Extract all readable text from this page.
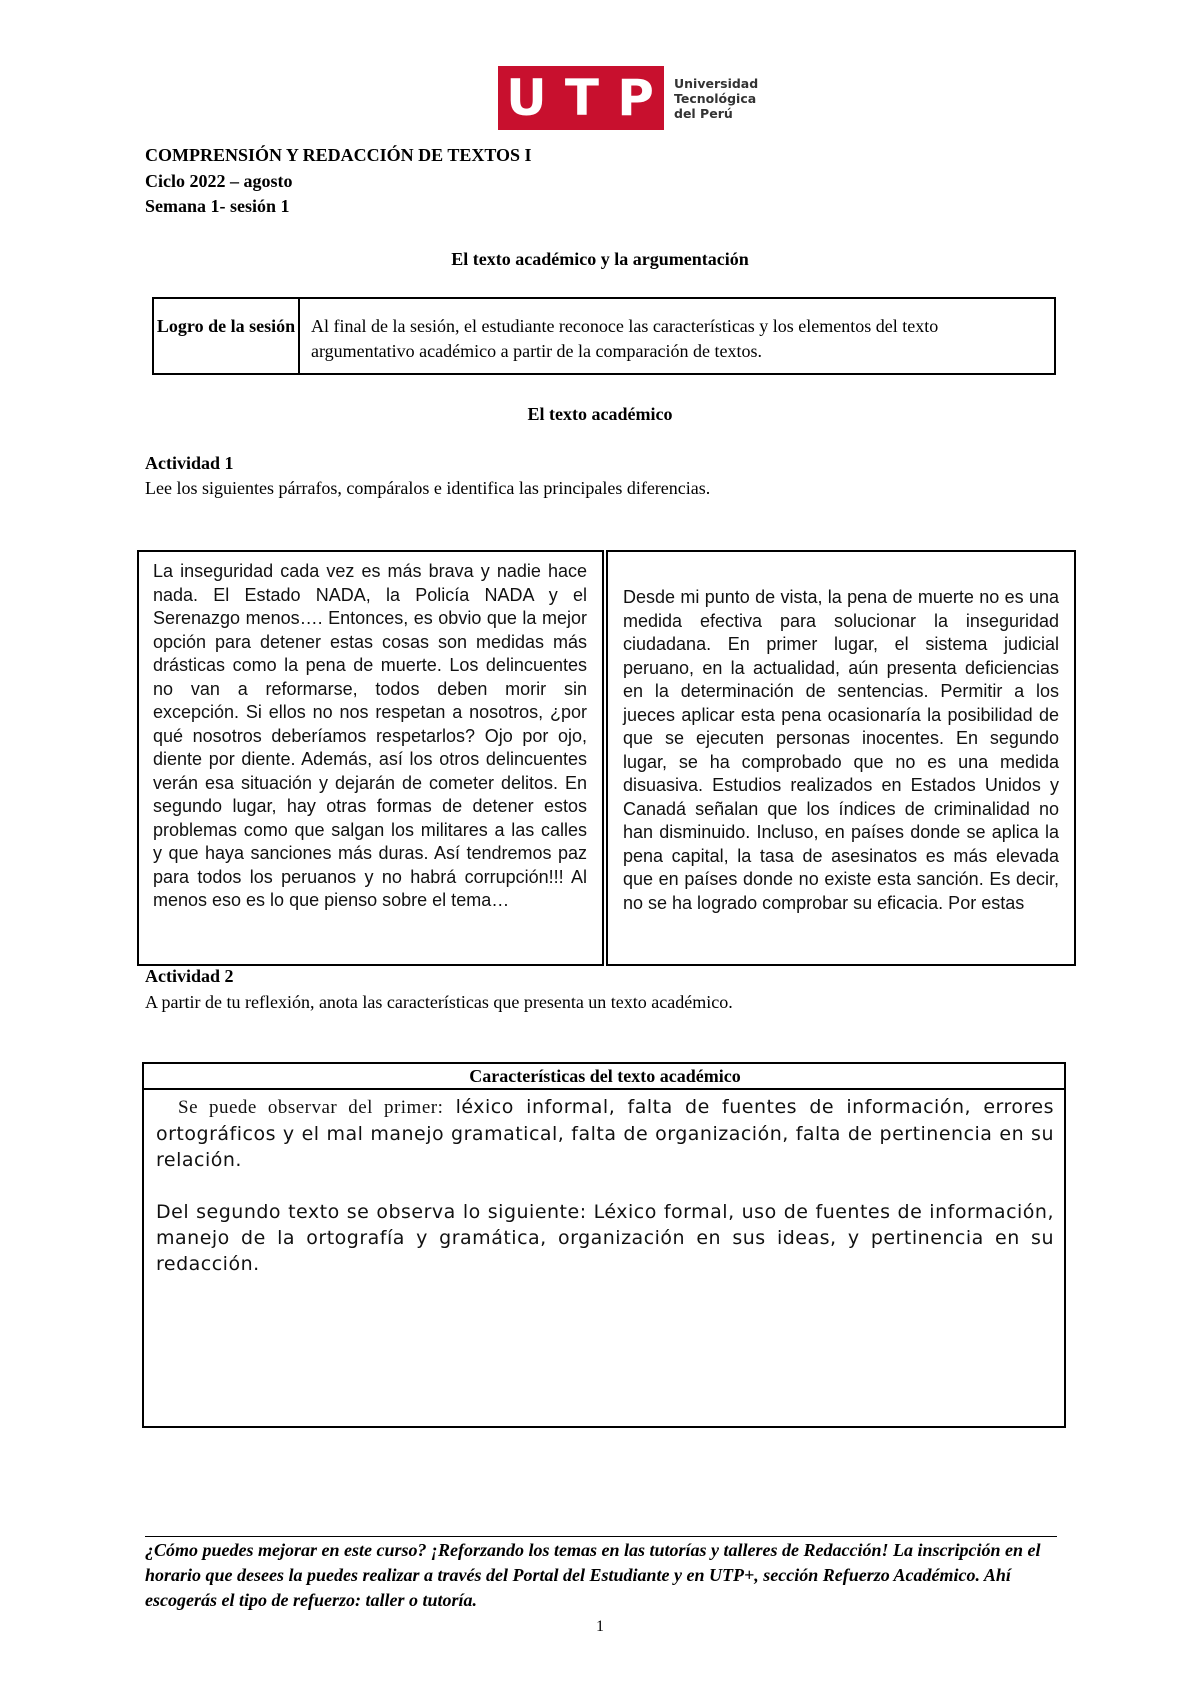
U T P Universidad
Tecnológica
del Perú
COMPRENSIÓN Y REDACCIÓN DE TEXTOS I
Ciclo 2022 – agosto
Semana 1- sesión 1
El texto académico y la argumentación
Logro de la sesión Al final de la sesión, el estudiante reconoce las características y los elementos del texto argumentativo académico a partir de la comparación de textos.
El texto académico
Actividad 1
Lee los siguientes párrafos, compáralos e identifica las principales diferencias.
La inseguridad cada vez es más brava y nadie hace nada. El Estado NADA, la Policía NADA y el Serenazgo menos…. Entonces, es obvio que la mejor opción para detener estas cosas son medidas más drásticas como la pena de muerte. Los delincuentes no van a reformarse, todos deben morir sin excepción. Si ellos no nos respetan a nosotros, ¿por qué nosotros deberíamos respetarlos? Ojo por ojo, diente por diente. Además, así los otros delincuentes verán esa situación y dejarán de cometer delitos. En segundo lugar, hay otras formas de detener estos problemas como que salgan los militares a las calles y que haya sanciones más duras. Así tendremos paz para todos los peruanos y no habrá corrupción!!! Al menos eso es lo que pienso sobre el tema…
Desde mi punto de vista, la pena de muerte no es una medida efectiva para solucionar la inseguridad ciudadana. En primer lugar, el sistema judicial peruano, en la actualidad, aún presenta deficiencias en la determinación de sentencias. Permitir a los jueces aplicar esta pena ocasionaría la posibilidad de que se ejecuten personas inocentes. En segundo lugar, se ha comprobado que no es una medida disuasiva. Estudios realizados en Estados Unidos y Canadá señalan que los índices de criminalidad no han disminuido. Incluso, en países donde se aplica la pena capital, la tasa de asesinatos es más elevada que en países donde no existe esta sanción. Es decir, no se ha logrado comprobar su eficacia. Por estas
Actividad 2
A partir de tu reflexión, anota las características que presenta un texto académico.
Características del texto académico

Se puede observar del primer: léxico informal, falta de fuentes de información, errores ortográficos y el mal manejo gramatical, falta de organización, falta de pertinencia en su relación.

Del segundo texto se observa lo siguiente: Léxico formal, uso de fuentes de información, manejo de la ortografía y gramática, organización en sus ideas, y pertinencia en su redacción.

¿Cómo puedes mejorar en este curso? ¡Reforzando los temas en las tutorías y talleres de Redacción! La inscripción en el horario que desees la puedes realizar a través del Portal del Estudiante y en UTP+, sección Refuerzo Académico. Ahí escogerás el tipo de refuerzo: taller o tutoría.
1
